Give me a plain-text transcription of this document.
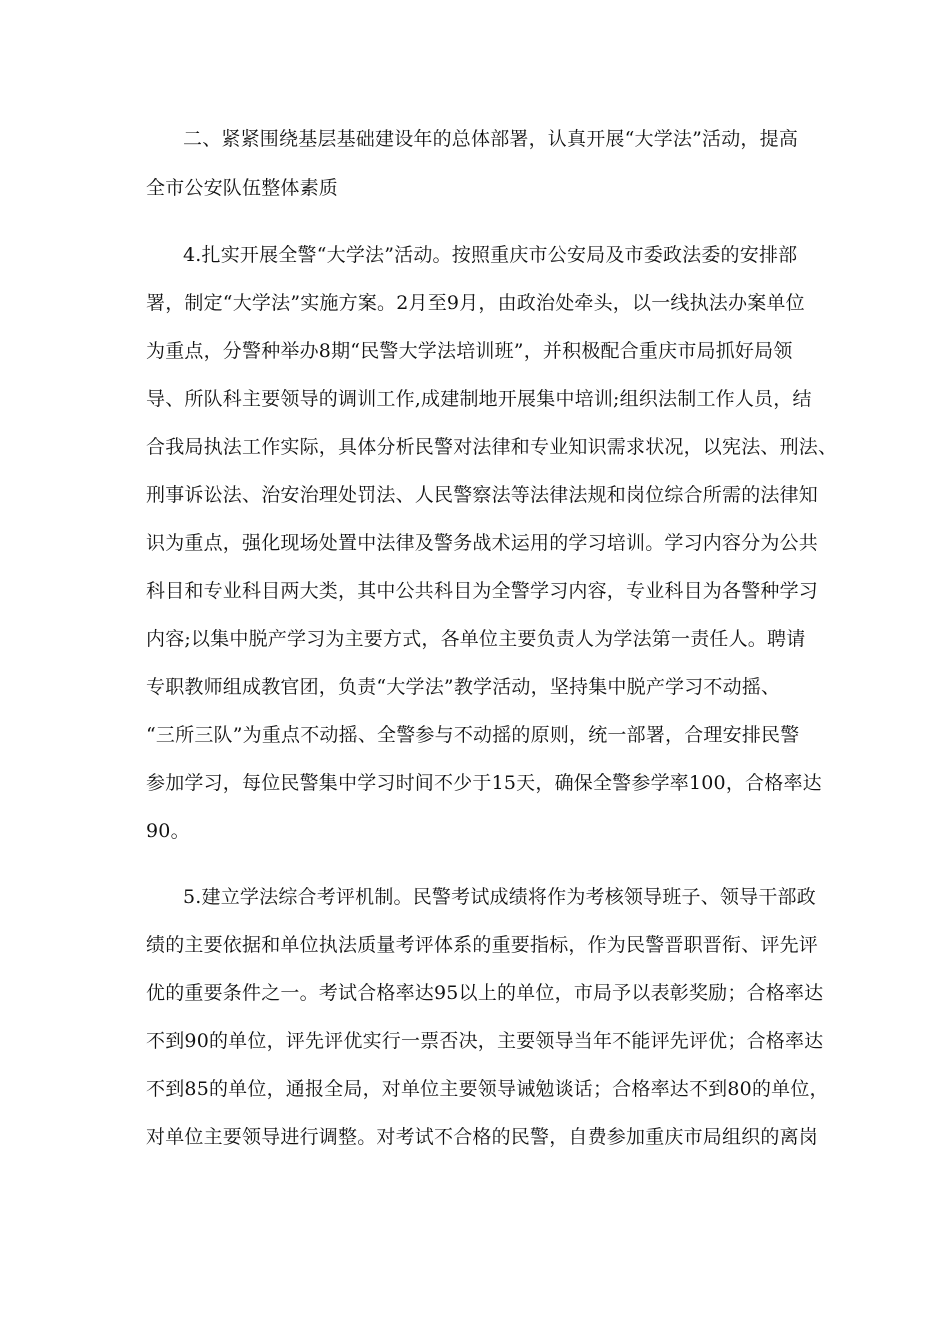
二、紧紧围绕基层基础建设年的总体部署，认真开展“大学法”活动，提高
全市公安队伍整体素质
4.扎实开展全警“大学法”活动。按照重庆市公安局及市委政法委的安排部
署，制定“大学法”实施方案。2月至9月，由政治处牵头，以一线执法办案单位
为重点，分警种举办8期“民警大学法培训班”，并积极配合重庆市局抓好局领
导、所队科主要领导的调训工作,成建制地开展集中培训;组织法制工作人员，结
合我局执法工作实际，具体分析民警对法律和专业知识需求状况，以宪法、刑法、
刑事诉讼法、治安治理处罚法、人民警察法等法律法规和岗位综合所需的法律知
识为重点，强化现场处置中法律及警务战术运用的学习培训。学习内容分为公共
科目和专业科目两大类，其中公共科目为全警学习内容，专业科目为各警种学习
内容;以集中脱产学习为主要方式，各单位主要负责人为学法第一责任人。聘请
专职教师组成教官团，负责“大学法”教学活动，坚持集中脱产学习不动摇、
“三所三队”为重点不动摇、全警参与不动摇的原则，统一部署，合理安排民警
参加学习，每位民警集中学习时间不少于15天，确保全警参学率100，合格率达
90。
5.建立学法综合考评机制。民警考试成绩将作为考核领导班子、领导干部政
绩的主要依据和单位执法质量考评体系的重要指标，作为民警晋职晋衔、评先评
优的重要条件之一。考试合格率达95以上的单位，市局予以表彰奖励；合格率达
不到90的单位，评先评优实行一票否决，主要领导当年不能评先评优；合格率达
不到85的单位，通报全局，对单位主要领导诫勉谈话；合格率达不到80的单位，
对单位主要领导进行调整。对考试不合格的民警，自费参加重庆市局组织的离岗
